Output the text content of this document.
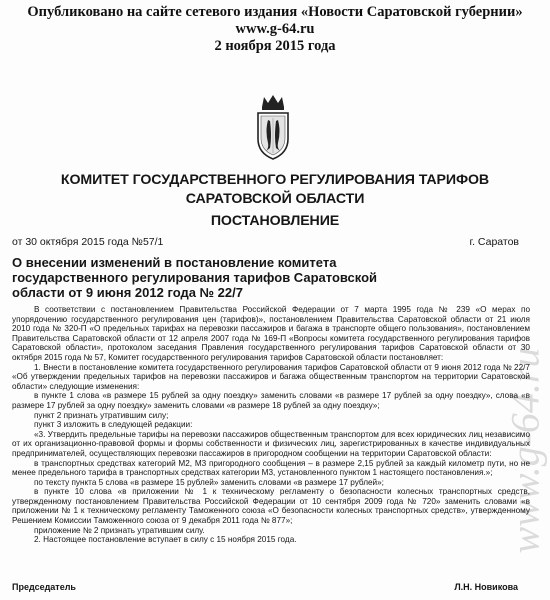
Опубликовано на сайте сетевого издания «Новости Саратовской губернии»
www.g-64.ru
2 ноября 2015 года
КОМИТЕТ ГОСУДАРСТВЕННОГО РЕГУЛИРОВАНИЯ ТАРИФОВ
САРАТОВСКОЙ ОБЛАСТИ
ПОСТАНОВЛЕНИЕ
от 30 октября 2015 года №57/1	г. Саратов
О внесении изменений в постановление комитета государственного регулирования тарифов Саратовской области от 9 июня 2012 года № 22/7

В соответствии с постановлением Правительства Российской Федерации от 7 марта 1995 года № 239 «О мерах по упорядочению государственного регулирования цен (тарифов)», постановлением Правительства Саратовской области от 21 июля 2010 года № 320-П «О предельных тарифах на перевозки пассажиров и багажа в транспорте общего пользования», постановлением Правительства Саратовской области от 12 апреля 2007 года № 169-П «Вопросы комитета государственного регулирования тарифов Саратовской области», протоколом заседания Правления государственного регулирования тарифов Саратовской области от 30 октября 2015 года № 57, Комитет государственного регулирования тарифов Саратовской области постановляет:

1. Внести в постановление комитета государственного регулирования тарифов Саратовской области от 9 июня 2012 года № 22/7 «Об утверждении предельных тарифов на перевозки пассажиров и багажа общественным транспортом на территории Саратовской области» следующие изменения:

в пункте 1 слова «в размере 15 рублей за одну поездку» заменить словами «в размере 17 рублей за одну поездку», слова «в размере 17 рублей за одну поездку» заменить словами «в размере 18 рублей за одну поездку»;

пункт 2 признать утратившим силу;

пункт 3 изложить в следующей редакции:

«3. Утвердить предельные тарифы на перевозки пассажиров общественным транспортом для всех юридических лиц независимо от их организационно-правовой формы и формы собственности и физических лиц, зарегистрированных в качестве индивидуальных предпринимателей, осуществляющих перевозки пассажиров в пригородном сообщении на территории Саратовской области:

в транспортных средствах категорий М2, М3 пригородного сообщения – в размере 2,15 рублей за каждый километр пути, но не менее предельного тарифа в транспортных средствах категории М3, установленного пунктом 1 настоящего постановления.»;

по тексту пункта 5 слова «в размере 15 рублей» заменить словами «в размере 17 рублей»;

в пункте 10 слова «в приложении № 1 к техническому регламенту о безопасности колесных транспортных средств, утвержденному постановлением Правительства Российской Федерации от 10 сентября 2009 года № 720» заменить словами «в приложении № 1 к техническому регламенту Таможенного союза «О безопасности колесных транспортных средств», утвержденному Решением Комиссии Таможенного союза от 9 декабря 2011 года № 877»;

приложение № 2 признать утратившим силу.

2. Настоящее постановление вступает в силу с 15 ноября 2015 года.

Председатель	Л.Н. Новикова
www.g-64.ru
